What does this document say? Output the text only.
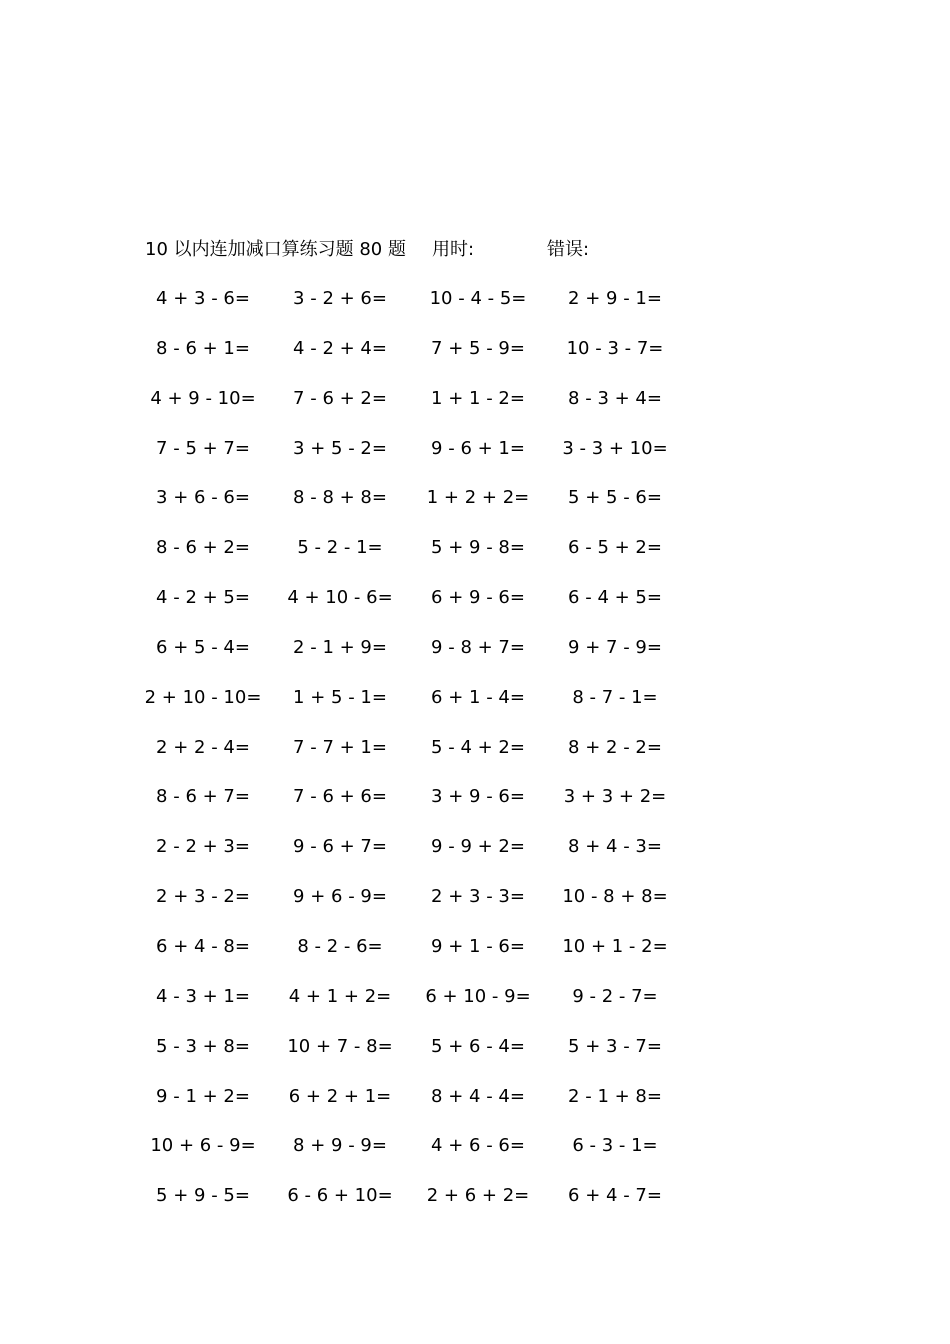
10 以内连加减口算练习题 80 题 用时:	错误:
4 + 3 - 6=	3 - 2 + 6=	10 - 4 - 5=	2 + 9 - 1=
8 - 6 + 1=	4 - 2 + 4=	7 + 5 - 9=	10 - 3 - 7=
4 + 9 - 10=	7 - 6 + 2=	1 + 1 - 2=	8 - 3 + 4=
7 - 5 + 7=	3 + 5 - 2=	9 - 6 + 1=	3 - 3 + 10=
3 + 6 - 6=	8 - 8 + 8=	1 + 2 + 2=	5 + 5 - 6=
8 - 6 + 2=	5 - 2 - 1=	5 + 9 - 8=	6 - 5 + 2=
4 - 2 + 5=	4 + 10 - 6=	6 + 9 - 6=	6 - 4 + 5=
6 + 5 - 4=	2 - 1 + 9=	9 - 8 + 7=	9 + 7 - 9=
2 + 10 - 10=	1 + 5 - 1=	6 + 1 - 4=	8 - 7 - 1=
2 + 2 - 4=	7 - 7 + 1=	5 - 4 + 2=	8 + 2 - 2=
8 - 6 + 7=	7 - 6 + 6=	3 + 9 - 6=	3 + 3 + 2=
2 - 2 + 3=	9 - 6 + 7=	9 - 9 + 2=	8 + 4 - 3=
2 + 3 - 2=	9 + 6 - 9=	2 + 3 - 3=	10 - 8 + 8=
6 + 4 - 8=	8 - 2 - 6=	9 + 1 - 6=	10 + 1 - 2=
4 - 3 + 1=	4 + 1 + 2=	6 + 10 - 9=	9 - 2 - 7=
5 - 3 + 8=	10 + 7 - 8=	5 + 6 - 4=	5 + 3 - 7=
9 - 1 + 2=	6 + 2 + 1=	8 + 4 - 4=	2 - 1 + 8=
10 + 6 - 9=	8 + 9 - 9=	4 + 6 - 6=	6 - 3 - 1=
5 + 9 - 5=	6 - 6 + 10=	2 + 6 + 2=	6 + 4 - 7=
